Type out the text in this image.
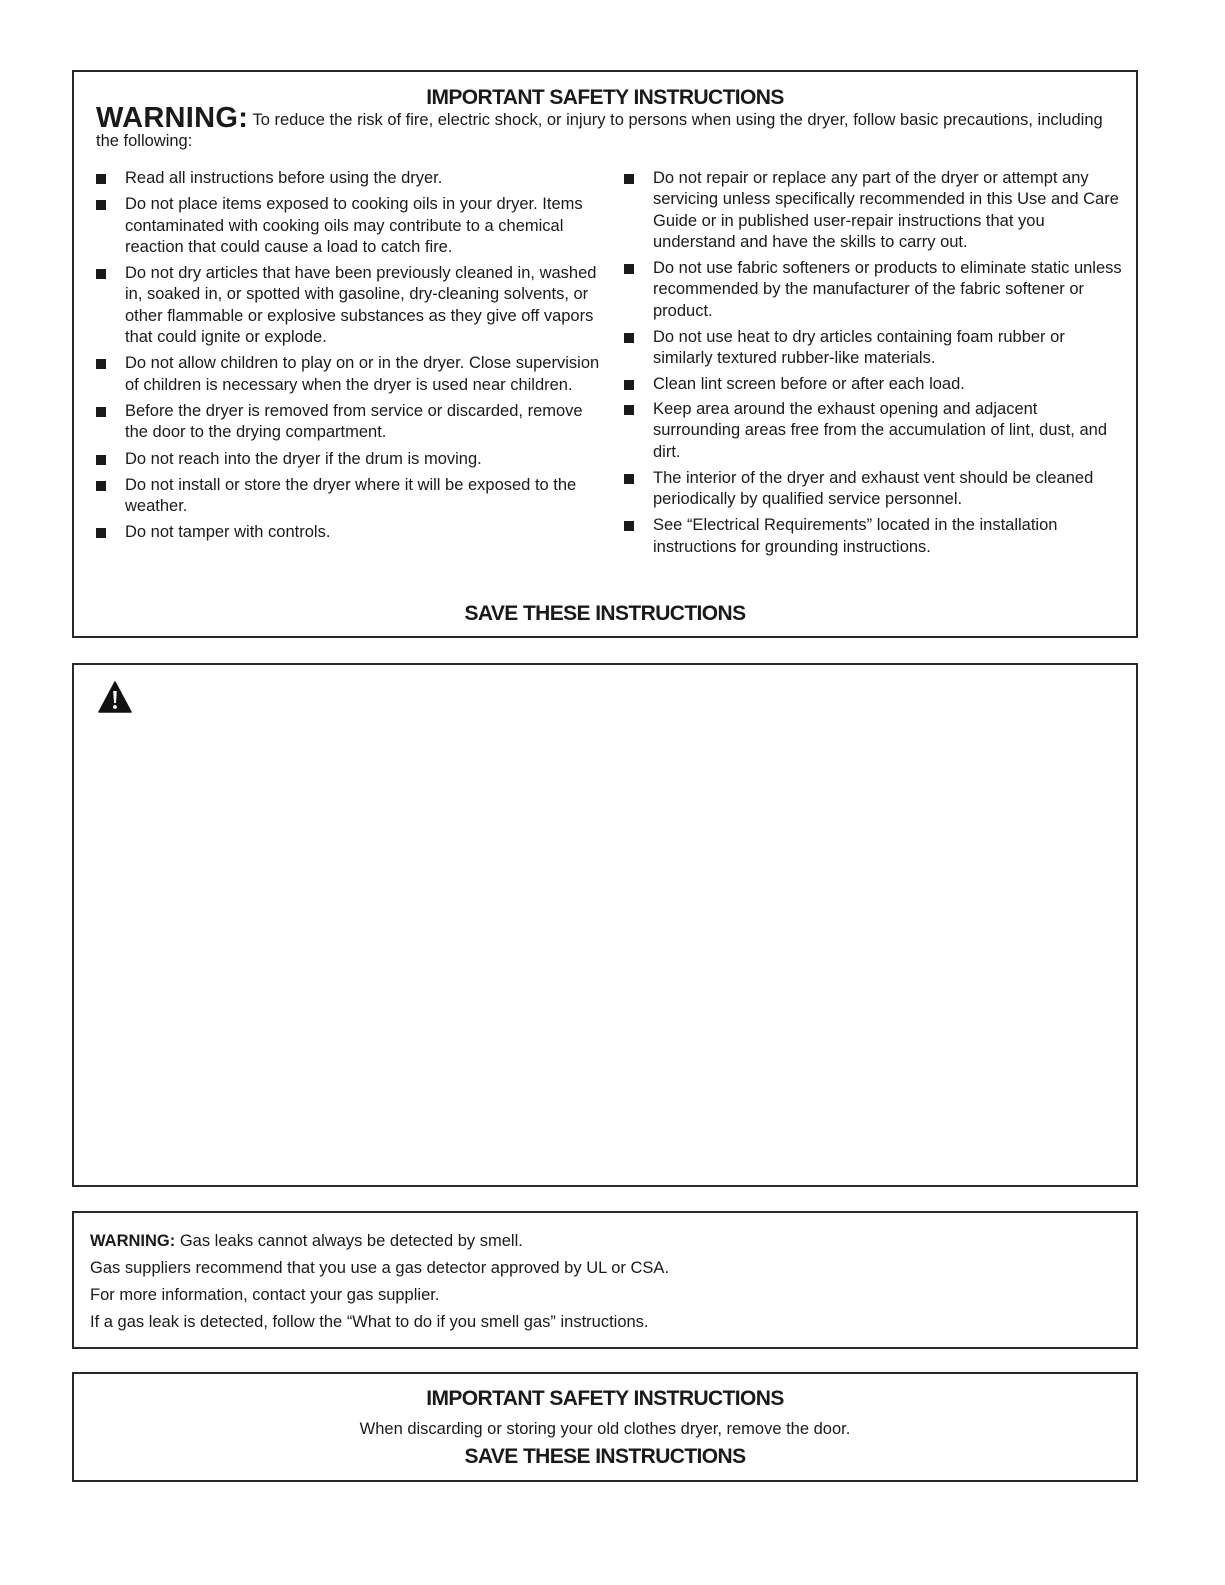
IMPORTANT SAFETY INSTRUCTIONS
WARNING: To reduce the risk of fire, electric shock, or injury to persons when using the dryer, follow basic precautions, including the following:
Read all instructions before using the dryer.
Do not place items exposed to cooking oils in your dryer. Items contaminated with cooking oils may contribute to a chemical reaction that could cause a load to catch fire.
Do not dry articles that have been previously cleaned in, washed in, soaked in, or spotted with gasoline, dry-cleaning solvents, or other flammable or explosive substances as they give off vapors that could ignite or explode.
Do not allow children to play on or in the dryer. Close supervision of children is necessary when the dryer is used near children.
Before the dryer is removed from service or discarded, remove the door to the drying compartment.
Do not reach into the dryer if the drum is moving.
Do not install or store the dryer where it will be exposed to the weather.
Do not tamper with controls.
Do not repair or replace any part of the dryer or attempt any servicing unless specifically recommended in this Use and Care Guide or in published user-repair instructions that you understand and have the skills to carry out.
Do not use fabric softeners or products to eliminate static unless recommended by the manufacturer of the fabric softener or product.
Do not use heat to dry articles containing foam rubber or similarly textured rubber-like materials.
Clean lint screen before or after each load.
Keep area around the exhaust opening and adjacent surrounding areas free from the accumulation of lint, dust, and dirt.
The interior of the dryer and exhaust vent should be cleaned periodically by qualified service personnel.
See “Electrical Requirements” located in the installation instructions for grounding instructions.
SAVE THESE INSTRUCTIONS
WARNING: Gas leaks cannot always be detected by smell.
Gas suppliers recommend that you use a gas detector approved by UL or CSA.
For more information, contact your gas supplier.
If a gas leak is detected, follow the “What to do if you smell gas” instructions.
IMPORTANT SAFETY INSTRUCTIONS
When discarding or storing your old clothes dryer, remove the door.
SAVE THESE INSTRUCTIONS
